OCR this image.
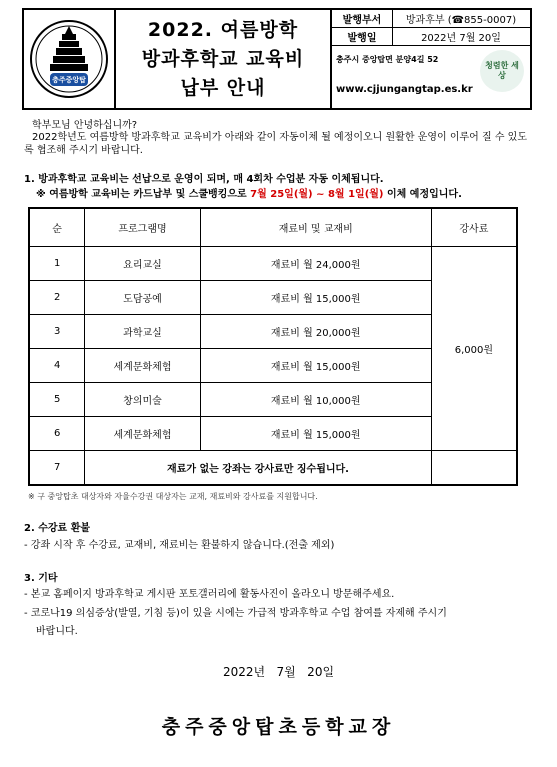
충주중앙탑
2022. 여름방학
방과후학교 교육비
납부 안내
발행부서	방과후부 (☎855-0007)
발행일	2022년 7월 20일
충주시 중앙탑면 분양4길 52
www.cjjungangtap.es.kr
청렴한 세상
학부모님 안녕하십니까?
2022학년도 여름방학 방과후학교 교육비가 아래와 같이 자동이체 될 예정이오니 원활한 운영이 이루어 질 수 있도록 협조해 주시기 바랍니다.
1. 방과후학교 교육비는 선납으로 운영이 되며, 매 4회차 수업분 자동 이체됩니다.
※ 여름방학 교육비는 카드납부 및 스쿨뱅킹으로 7월 25일(월) ~ 8월 1일(월) 이체 예정입니다.
순	프로그램명	재료비 및 교재비	강사료
1	요리교실	재료비 월 24,000원	6,000원
2	도담공예	재료비 월 15,000원	
3	과학교실	재료비 월 20,000원	
4	세계문화체험	재료비 월 15,000원	
5	창의미술	재료비 월 10,000원	
6	세계문화체험	재료비 월 15,000원	
7	재료가 없는 강좌는 강사료만 징수됩니다.		
※ 구 중앙탑초 대상자와 자율수강권 대상자는 교재, 재료비와 강사료를 지원합니다.
2. 수강료 환불
- 강좌 시작 후 수강료, 교재비, 재료비는 환불하지 않습니다.(전출 제외)
3. 기타
- 본교 홈페이지 방과후학교 게시판 포토갤러리에 활동사진이 올라오니 방문해주세요.
- 코로나19 의심증상(발열, 기침 등)이 있을 시에는 가급적 방과후학교 수업 참여를 자제해 주시기
바랍니다.
2022년   7월   20일
충주중앙탑초등학교장
